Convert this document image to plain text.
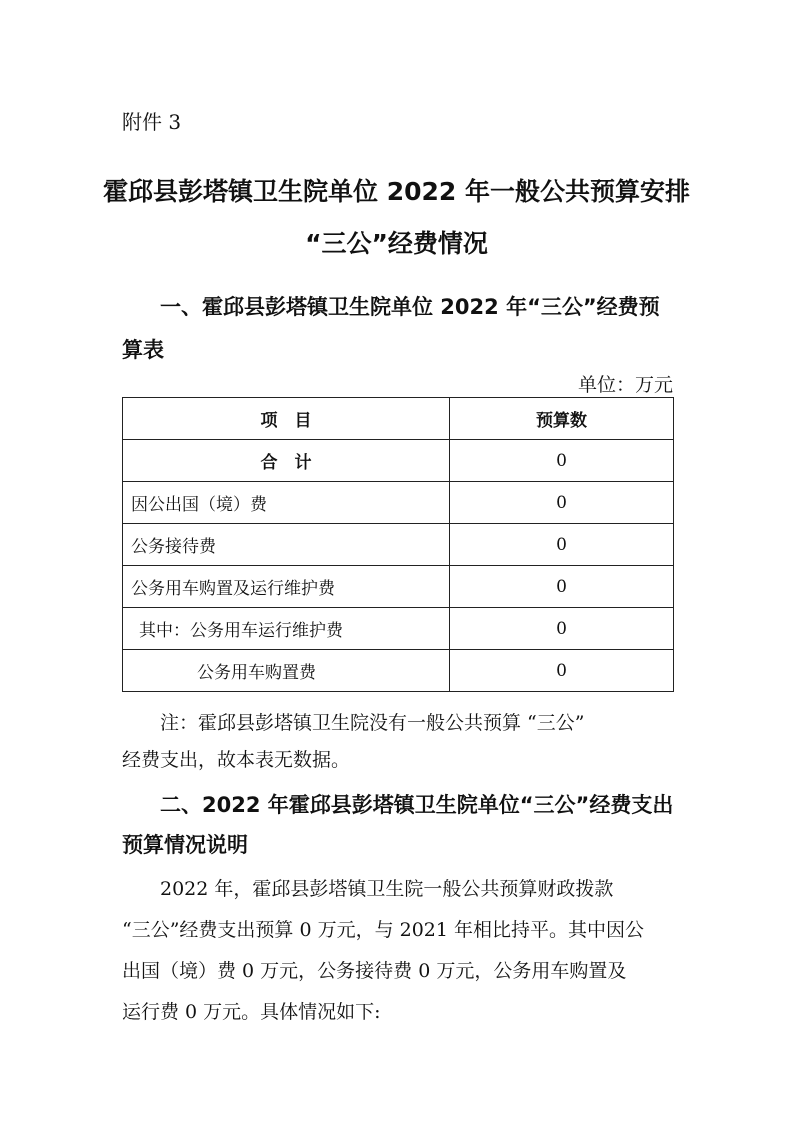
附件 3
霍邱县彭塔镇卫生院单位 2022 年一般公共预算安排
“三公”经费情况
一、霍邱县彭塔镇卫生院单位 2022 年“三公”经费预
算表
单位：万元
项　目	预算数
合　计	0
因公出国（境）费	0
公务接待费	0
公务用车购置及运行维护费	0
其中：公务用车运行维护费	0
公务用车购置费	0
注：霍邱县彭塔镇卫生院没有一般公共预算 “三公”
经费支出，故本表无数据。
二、2022 年霍邱县彭塔镇卫生院单位“三公”经费支出
预算情况说明
2022 年，霍邱县彭塔镇卫生院一般公共预算财政拨款
“三公”经费支出预算 0 万元，与 2021 年相比持平。其中因公
出国（境）费 0 万元，公务接待费 0 万元，公务用车购置及
运行费 0 万元。具体情况如下:
